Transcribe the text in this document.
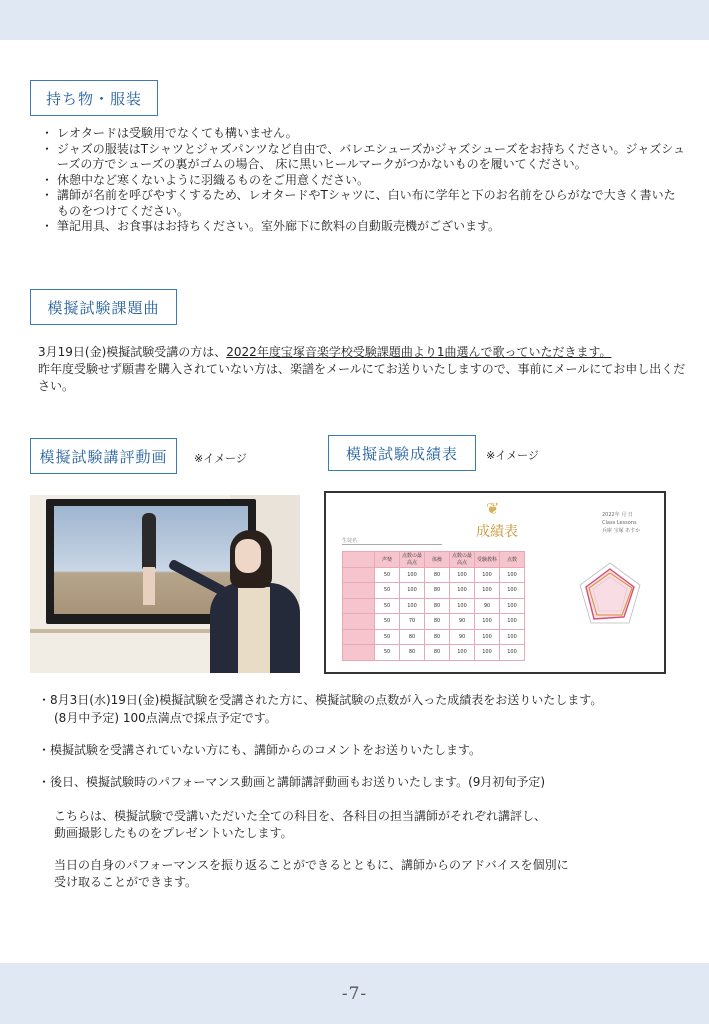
持ち物・服装
・ レオタードは受験用でなくても構いません。
・ ジャズの服装はTシャツとジャズパンツなど自由で、バレエシューズかジャズシューズをお持ちください。ジャズシューズの方でシューズの裏がゴムの場合、 床に黒いヒールマークがつかないものを履いてください。
・ 休憩中など寒くないように羽織るものをご用意ください。
・ 講師が名前を呼びやすくするため、レオタードやTシャツに、白い布に学年と下のお名前をひらがなで大きく書いたものをつけてください。
・ 筆記用具、お食事はお持ちください。室外廊下に飲料の自動販売機がございます。
模擬試験課題曲
3月19日(金)模擬試験受講の方は、2022年度宝塚音楽学校受験課題曲より1曲選んで歌っていただきます。
昨年度受験せず願書を購入されていない方は、楽譜をメールにてお送りいたしますので、事前にメールにてお申し出ください。
模擬試験講評動画	※イメージ	模擬試験成績表	※イメージ
❦
成績表
生徒名
	声楽	点数の最高点	体操	点数の最高点	受験教科	点数
	50	100	80	100	100	100
	50	100	80	100	100	100
	50	100	80	100	90	100
	50	70	80	90	100	100
	50	80	80	90	100	100
	50	80	80	100	100	100
2022年 月 日
Class Lessons
兵庫 宝塚 あすか
・8月3日(水)19日(金)模擬試験を受講された方に、模擬試験の点数が入った成績表をお送りいたします。
(8月中予定) 100点満点で採点予定です。
・模擬試験を受講されていない方にも、講師からのコメントをお送りいたします。
・後日、模擬試験時のパフォーマンス動画と講師講評動画もお送りいたします。(9月初旬予定)
こちらは、模擬試験で受講いただいた全ての科目を、各科目の担当講師がそれぞれ講評し、
動画撮影したものをプレゼントいたします。
当日の自身のパフォーマンスを振り返ることができるとともに、講師からのアドバイスを個別に
受け取ることができます。
-7-
